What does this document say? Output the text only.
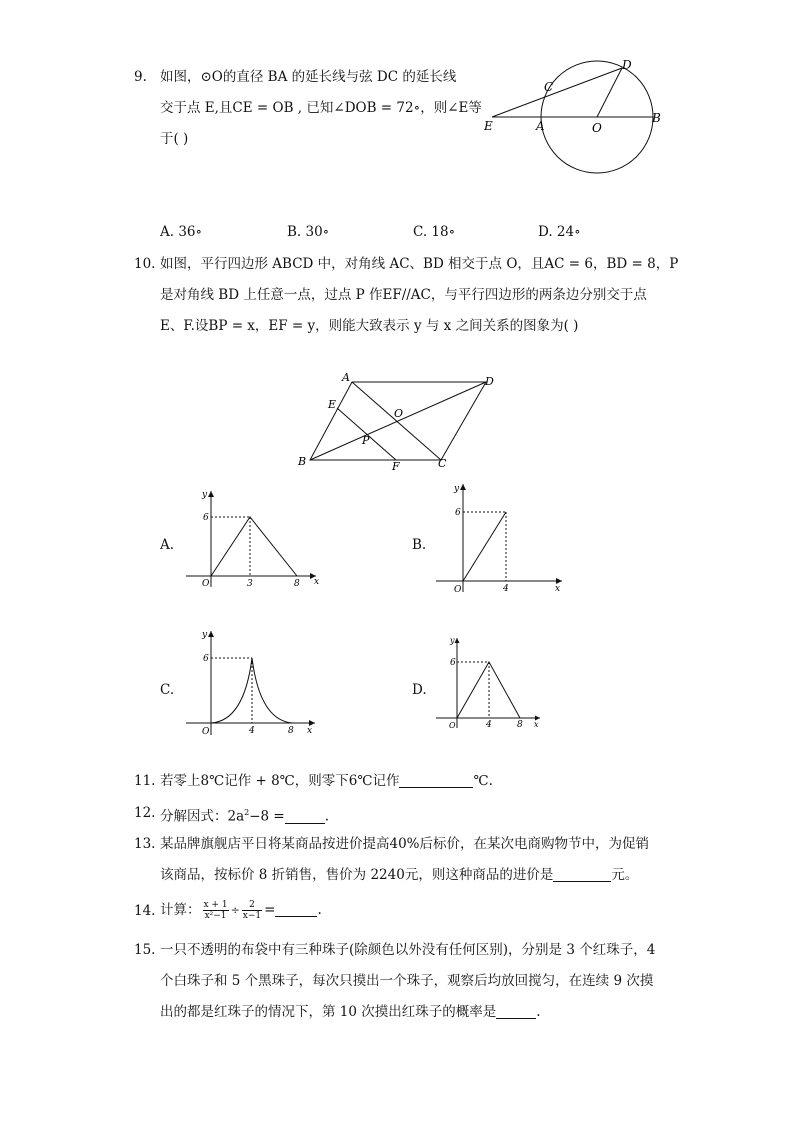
9. 如图，⊙O的直径 BA 的延长线与弦 DC 的延长线
交于点 E,且CE = OB , 已知∠DOB = 72∘，则∠E等
于( )
D
C
E	A	O
B
A. 36∘	B. 30∘	C. 18∘	D. 24∘
10. 如图，平行四边形 ABCD 中，对角线 AC、BD 相交于点 O，且AC = 6，BD = 8，P
是对角线 BD 上任意一点，过点 P 作EF//AC，与平行四边形的两条边分别交于点
E、F.设BP = x，EF = y，则能大致表示 y 与 x 之间关系的图象为( )
A	D
E
O
P
B	F	C
A.
y
x
O
6
3	8
B.
y
x
O
6
4
C.
y
x
O
6
4	8
D.
y
x
O
6
4	8
11. 若零上8℃记作 + 8℃，则零下6℃记作	℃.
12. 分解因式：$2a^2-8$ =	.
13. 某品牌旗舰店平日将某商品按进价提高40%后标价，在某次电商购物节中，为促销
该商品，按标价 8 折销售，售价为 2240元，则这种商品的进价是	元。
14. 计算： $\frac{x + 1}{\text{x²−1}} \div \frac{2}{x-1}$ =	.
15. 一只不透明的布袋中有三种珠子(除颜色以外没有任何区别)，分别是 3 个红珠子，4
个白珠子和 5 个黑珠子，每次只摸出一个珠子，观察后均放回搅匀，在连续 9 次摸
出的都是红珠子的情况下，第 10 次摸出红珠子的概率是	.
